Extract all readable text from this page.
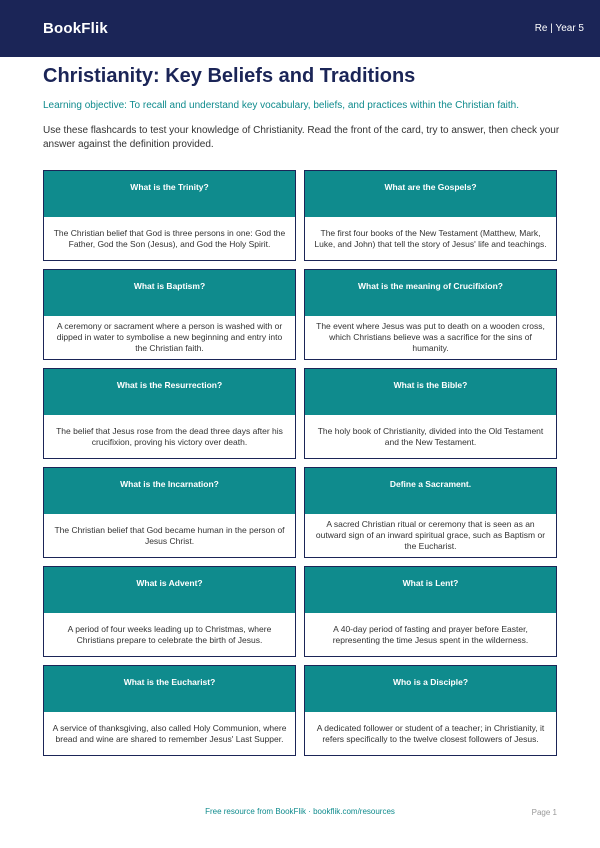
BookFlik	Re | Year 5
Christianity: Key Beliefs and Traditions

Learning objective: To recall and understand key vocabulary, beliefs, and practices within the Christian faith.

Use these flashcards to test your knowledge of Christianity. Read the front of the card, try to answer, then check your answer against the definition provided.

What is the Trinity?
The Christian belief that God is three persons in one: God the Father, God the Son (Jesus), and God the Holy Spirit.
What are the Gospels?
The first four books of the New Testament (Matthew, Mark, Luke, and John) that tell the story of Jesus' life and teachings.
What is Baptism?
A ceremony or sacrament where a person is washed with or dipped in water to symbolise a new beginning and entry into the Christian faith.
What is the meaning of Crucifixion?
The event where Jesus was put to death on a wooden cross, which Christians believe was a sacrifice for the sins of humanity.
What is the Resurrection?
The belief that Jesus rose from the dead three days after his crucifixion, proving his victory over death.
What is the Bible?
The holy book of Christianity, divided into the Old Testament and the New Testament.
What is the Incarnation?
The Christian belief that God became human in the person of Jesus Christ.
Define a Sacrament.
A sacred Christian ritual or ceremony that is seen as an outward sign of an inward spiritual grace, such as Baptism or the Eucharist.
What is Advent?
A period of four weeks leading up to Christmas, where Christians prepare to celebrate the birth of Jesus.
What is Lent?
A 40-day period of fasting and prayer before Easter, representing the time Jesus spent in the wilderness.
What is the Eucharist?
A service of thanksgiving, also called Holy Communion, where bread and wine are shared to remember Jesus' Last Supper.
Who is a Disciple?
A dedicated follower or student of a teacher; in Christianity, it refers specifically to the twelve closest followers of Jesus.
Free resource from BookFlik · bookflik.com/resources	Page 1
